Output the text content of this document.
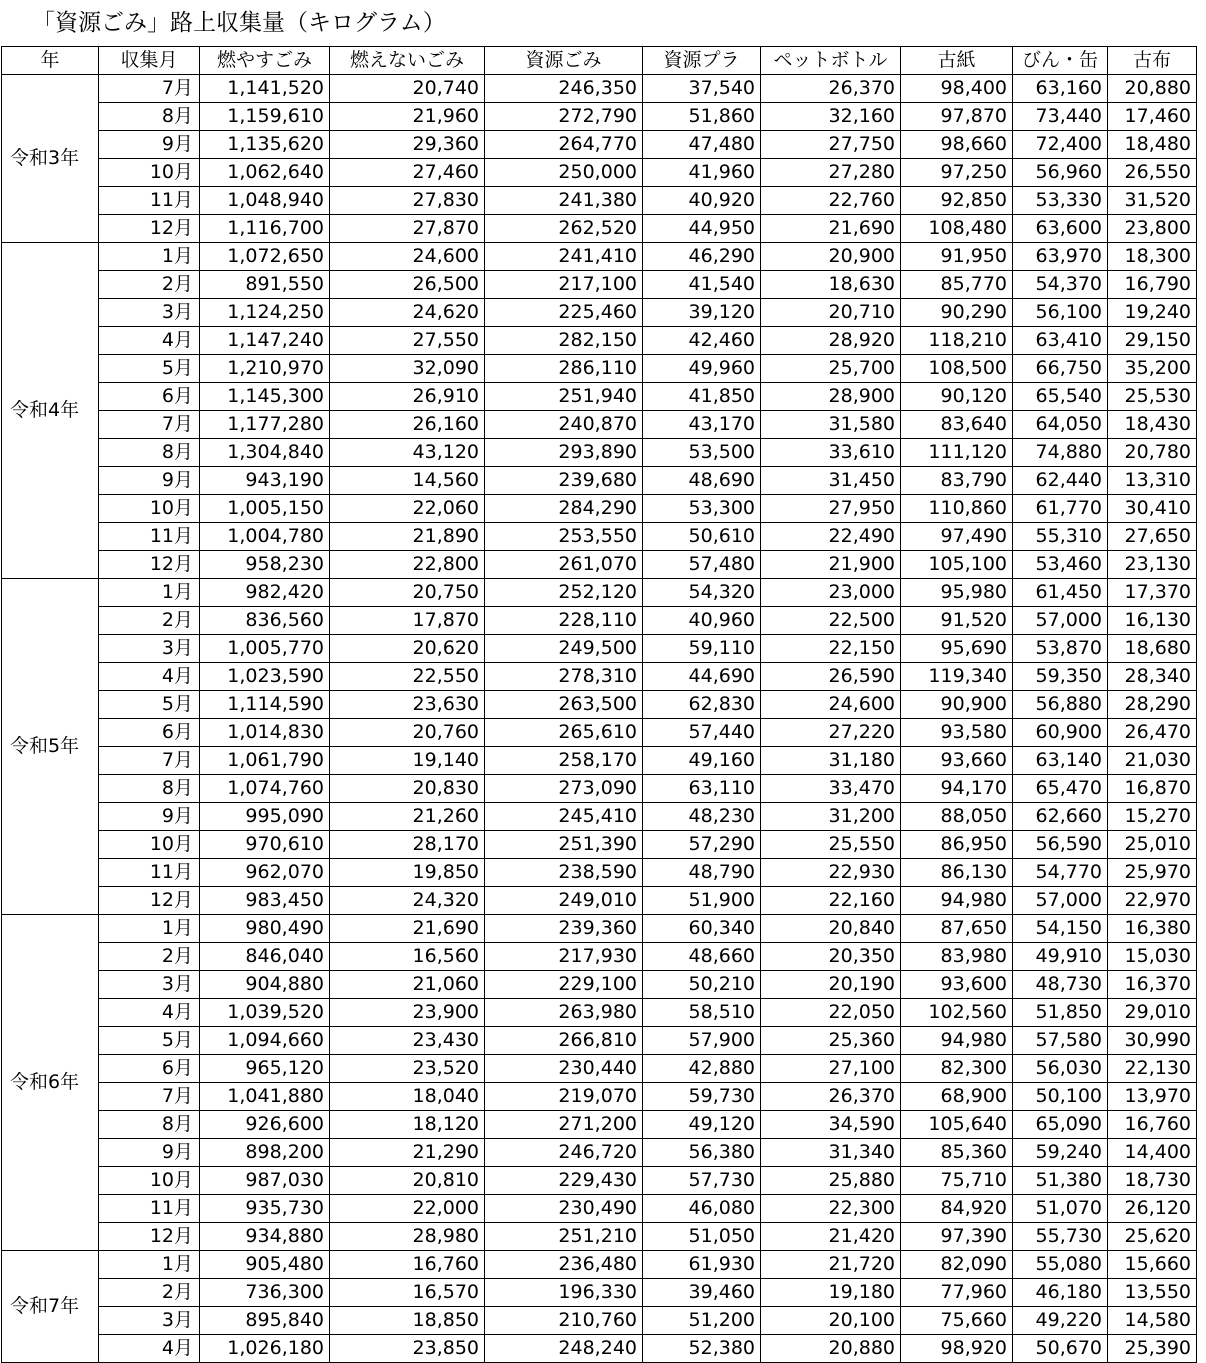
「資源ごみ」路上収集量（キログラム）
年	収集月	燃やすごみ	燃えないごみ	資源ごみ	資源プラ	ペットボトル	古紙	びん・缶	古布
令和3年	7月	1,141,520	20,740	246,350	37,540	26,370	98,400	63,160	20,880
	8月	1,159,610	21,960	272,790	51,860	32,160	97,870	73,440	17,460
	9月	1,135,620	29,360	264,770	47,480	27,750	98,660	72,400	18,480
	10月	1,062,640	27,460	250,000	41,960	27,280	97,250	56,960	26,550
	11月	1,048,940	27,830	241,380	40,920	22,760	92,850	53,330	31,520
	12月	1,116,700	27,870	262,520	44,950	21,690	108,480	63,600	23,800
令和4年	1月	1,072,650	24,600	241,410	46,290	20,900	91,950	63,970	18,300
	2月	891,550	26,500	217,100	41,540	18,630	85,770	54,370	16,790
	3月	1,124,250	24,620	225,460	39,120	20,710	90,290	56,100	19,240
	4月	1,147,240	27,550	282,150	42,460	28,920	118,210	63,410	29,150
	5月	1,210,970	32,090	286,110	49,960	25,700	108,500	66,750	35,200
	6月	1,145,300	26,910	251,940	41,850	28,900	90,120	65,540	25,530
	7月	1,177,280	26,160	240,870	43,170	31,580	83,640	64,050	18,430
	8月	1,304,840	43,120	293,890	53,500	33,610	111,120	74,880	20,780
	9月	943,190	14,560	239,680	48,690	31,450	83,790	62,440	13,310
	10月	1,005,150	22,060	284,290	53,300	27,950	110,860	61,770	30,410
	11月	1,004,780	21,890	253,550	50,610	22,490	97,490	55,310	27,650
	12月	958,230	22,800	261,070	57,480	21,900	105,100	53,460	23,130
令和5年	1月	982,420	20,750	252,120	54,320	23,000	95,980	61,450	17,370
	2月	836,560	17,870	228,110	40,960	22,500	91,520	57,000	16,130
	3月	1,005,770	20,620	249,500	59,110	22,150	95,690	53,870	18,680
	4月	1,023,590	22,550	278,310	44,690	26,590	119,340	59,350	28,340
	5月	1,114,590	23,630	263,500	62,830	24,600	90,900	56,880	28,290
	6月	1,014,830	20,760	265,610	57,440	27,220	93,580	60,900	26,470
	7月	1,061,790	19,140	258,170	49,160	31,180	93,660	63,140	21,030
	8月	1,074,760	20,830	273,090	63,110	33,470	94,170	65,470	16,870
	9月	995,090	21,260	245,410	48,230	31,200	88,050	62,660	15,270
	10月	970,610	28,170	251,390	57,290	25,550	86,950	56,590	25,010
	11月	962,070	19,850	238,590	48,790	22,930	86,130	54,770	25,970
	12月	983,450	24,320	249,010	51,900	22,160	94,980	57,000	22,970
令和6年	1月	980,490	21,690	239,360	60,340	20,840	87,650	54,150	16,380
	2月	846,040	16,560	217,930	48,660	20,350	83,980	49,910	15,030
	3月	904,880	21,060	229,100	50,210	20,190	93,600	48,730	16,370
	4月	1,039,520	23,900	263,980	58,510	22,050	102,560	51,850	29,010
	5月	1,094,660	23,430	266,810	57,900	25,360	94,980	57,580	30,990
	6月	965,120	23,520	230,440	42,880	27,100	82,300	56,030	22,130
	7月	1,041,880	18,040	219,070	59,730	26,370	68,900	50,100	13,970
	8月	926,600	18,120	271,200	49,120	34,590	105,640	65,090	16,760
	9月	898,200	21,290	246,720	56,380	31,340	85,360	59,240	14,400
	10月	987,030	20,810	229,430	57,730	25,880	75,710	51,380	18,730
	11月	935,730	22,000	230,490	46,080	22,300	84,920	51,070	26,120
	12月	934,880	28,980	251,210	51,050	21,420	97,390	55,730	25,620
令和7年	1月	905,480	16,760	236,480	61,930	21,720	82,090	55,080	15,660
	2月	736,300	16,570	196,330	39,460	19,180	77,960	46,180	13,550
	3月	895,840	18,850	210,760	51,200	20,100	75,660	49,220	14,580
	4月	1,026,180	23,850	248,240	52,380	20,880	98,920	50,670	25,390
